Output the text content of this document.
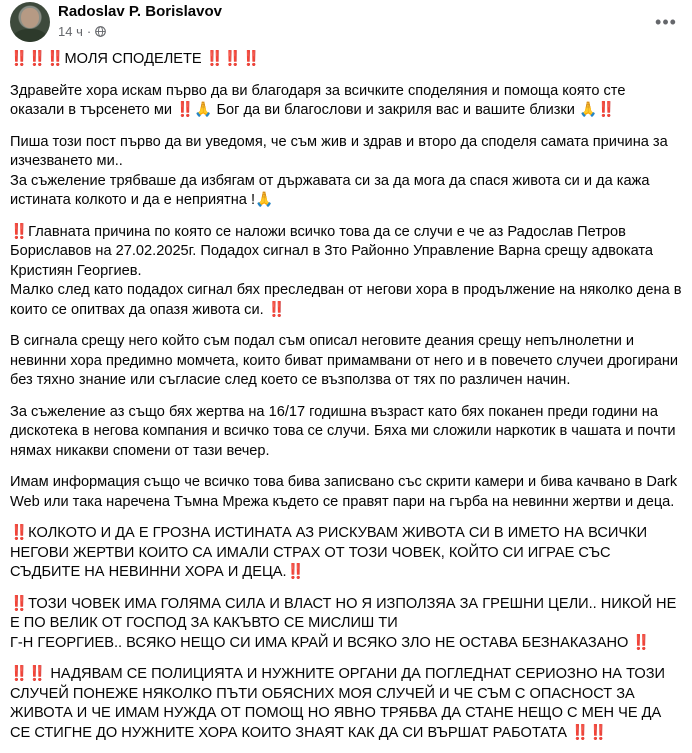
Radoslav P. Borislavov
14 ч ·	•••

‼️‼️‼️МОЛЯ СПОДЕЛЕТЕ ‼️‼️‼️

Здравейте хора искам първо да ви благодаря за всичките споделяния и помоща която сте оказали в търсенето ми ‼️🙏 Бог да ви благослови и закриля вас и вашите близки 🙏‼️

Пиша този пост първо да ви уведомя, че съм жив и здрав и второ да споделя самата причина за изчезването ми..
За съжеление трябваше да избягам от държавата си за да мога да спася живота си и да кажа истината колкото и да е неприятна !🙏

‼️Главната причина по която се наложи всичко това да се случи е че аз Радослав Петров Бориславов на 27.02.2025г. Подадох сигнал в 3то Районно Управление Варна срещу адвоката Кристиян Георгиев.
Малко след като подадох сигнал бях преследван от негови хора в продължение на няколко дена в които се опитвах да опазя живота си. ‼️

В сигнала срещу него който съм подал съм описал неговите деания срещу непълнолетни и невинни хора предимно момчета, които биват примамвани от него и в повечето случеи дрогирани без тяхно знание или съгласие след което се възползва от тях по различен начин.

За съжеление аз също бях жертва на 16/17 годишна възраст като бях поканен преди години на дискотека в негова компания и всичко това се случи. Бяха ми сложили наркотик в чашата и почти нямах никакви спомени от тази вечер.

Имам информация също че всичко това бива записвано със скрити камери и бива качвано в Dark Web или така наречена Тъмна Мрежа където се правят пари на гърба на невинни жертви и деца.

‼️КОЛКОТО И ДА Е ГРОЗНА ИСТИНАТА АЗ РИСКУВАМ ЖИВОТА СИ В ИМЕТО НА ВСИЧКИ НЕГОВИ ЖЕРТВИ КОИТО СА ИМАЛИ СТРАХ ОТ ТОЗИ ЧОВЕК, КОЙТО СИ ИГРАЕ СЪС СЪДБИТЕ НА НЕВИННИ ХОРА И ДЕЦА.‼️

‼️ТОЗИ ЧОВЕК ИМА ГОЛЯМА СИЛА И ВЛАСТ НО Я ИЗПОЛЗЯА ЗА ГРЕШНИ ЦЕЛИ.. НИКОЙ НЕ Е ПО ВЕЛИК ОТ ГОСПОД ЗА КАКЪВТО СЕ МИСЛИШ ТИ
Г-Н ГЕОРГИЕВ.. ВСЯКО НЕЩО СИ ИМА КРАЙ И ВСЯКО ЗЛО НЕ ОСТАВА БЕЗНАКАЗАНО ‼️

‼️‼️ НАДЯВАМ СЕ ПОЛИЦИЯТА И НУЖНИТЕ ОРГАНИ ДА ПОГЛЕДНАТ СЕРИОЗНО НА ТОЗИ СЛУЧЕЙ ПОНЕЖЕ НЯКОЛКО ПЪТИ ОБЯСНИХ МОЯ СЛУЧЕЙ И ЧЕ СЪМ С ОПАСНОСТ ЗА ЖИВОТА И ЧЕ ИМАМ НУЖДА ОТ ПОМОЩ НО ЯВНО ТРЯБВА ДА СТАНЕ НЕЩО С МЕН ЧЕ ДА СЕ СТИГНЕ ДО НУЖНИТЕ ХОРА КОИТО ЗНАЯТ КАК ДА СИ ВЪРШАТ РАБОТАТА ‼️‼️
